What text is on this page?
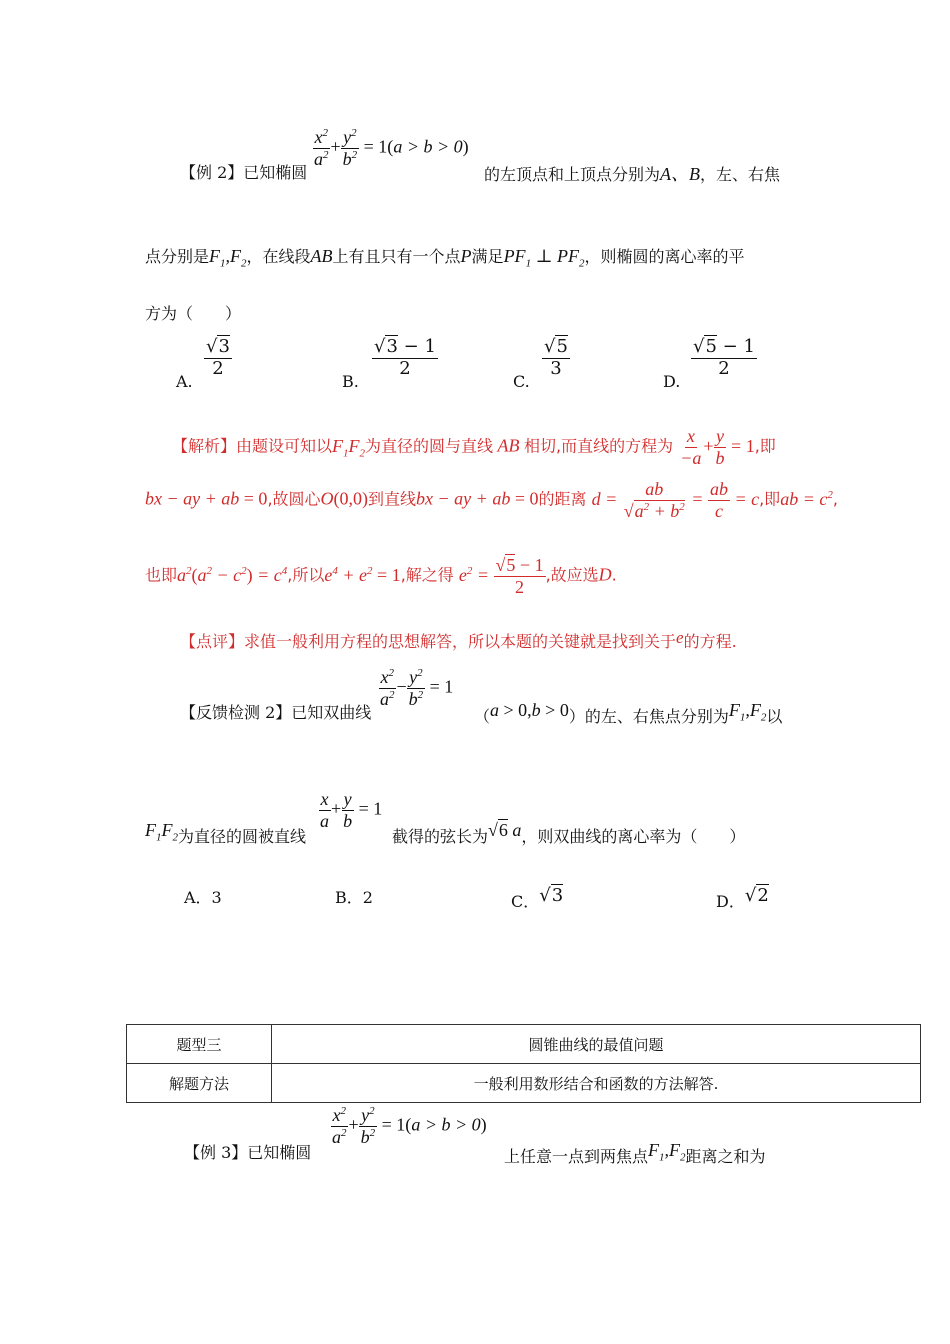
【例 2】已知椭圆
$\frac{x^2}{a^2} + \frac{y^2}{b^2} = 1(a > b > 0)$
的左顶点和上顶点分别为A、B，左、右焦
点分别是$F_1,F_2$，在线段AB上有且只有一个点P满足$PF_1$ ⊥ $PF_2$，则椭圆的离心率的平
方为（　　）
A.
$\frac{√3}{2}$
B.
$\frac{√3 - 1}{2}$
C.
$\frac{√5}{3}$
D.
$\frac{√5 - 1}{2}$
【解析】由题设可知以$F_1F_2$为直径的圆与直线 AB 相切,而直线的方程为 $\frac{x}{-a} + \frac{y}{b} = 1$,即
bx − ay + ab = 0,故圆心O(0,0)到直线bx − ay + ab = 0的距离 $d = \frac{ab}{√a^2 + b^2} = \frac{ab}{c} = c$,即ab = $c^2$,
也即$a^2(a^2 - c^2) = c^4$,所以$e^4 + e^2 = 1$,解之得 $e^2 = \frac{√5 - 1}{2}$ ,故应选D.
【点评】求值一般利用方程的思想解答，所以本题的关键就是找到关于e的方程.
【反馈检测 2】已知双曲线
$\frac{x^2}{a^2} - \frac{y^2}{b^2} = 1$
（a > 0,b > 0）的左、右焦点分别为$F_1,F_2$以
$F_1F_2$为直径的圆被直线
$\frac{x}{a} + \frac{y}{b} = 1$
截得的弦长为√6 a，则双曲线的离心率为（　　）
A．3	B．2	C．√3	D．√2
题型三	圆锥曲线的最值问题
解题方法	一般利用数形结合和函数的方法解答.
【例 3】已知椭圆
$\frac{x^2}{a^2} + \frac{y^2}{b^2} = 1(a > b > 0)$
上任意一点到两焦点$F_1,F_2$距离之和为
